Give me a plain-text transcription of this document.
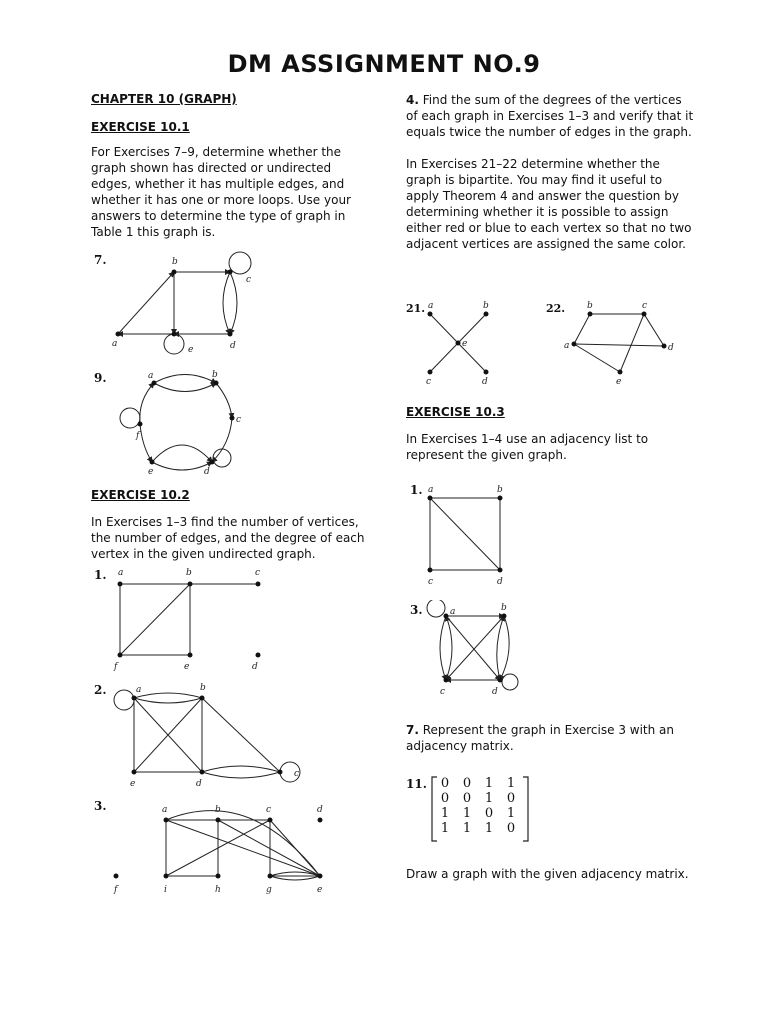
DM ASSIGNMENT NO.9

CHAPTER 10 (GRAPH)

EXERCISE 10.1

For Exercises 7–9, determine whether the graph shown has directed or undirected edges, whether it has multiple edges, and whether it has one or more loops. Use your answers to determine the type of graph in Table 1 this graph is.

EXERCISE 10.2

In Exercises 1–3 find the number of vertices, the number of edges, and the degree of each vertex in the given undirected graph.

4. Find the sum of the degrees of the vertices of each graph in Exercises 1–3 and verify that it equals twice the number of edges in the graph.

In Exercises 21–22 determine whether the graph is bipartite. You may find it useful to apply Theorem 4 and answer the question by determining whether it is possible to assign either red or blue to each vertex so that no two adjacent vertices are assigned the same color.

EXERCISE 10.3

In Exercises 1–4 use an adjacency list to represent the given graph.

7. Represent the graph in Exercise 3 with an adjacency matrix.

Draw a graph with the given adjacency matrix.

7.	b
c
a
e	d
9.	a	b
c
f
e	d
1. a	b	c
f	e	d
2.	a	b
e	d
c
3.	a	b	c	d
f	i	h	g	e
21. a	b
e
c	d
22. b	c
a	d
e
1. a	b
c	d
3.	a	b
c	d
11. 0	0	1	1
0	0	1	0
1	1	0	1
1	1	1	0
